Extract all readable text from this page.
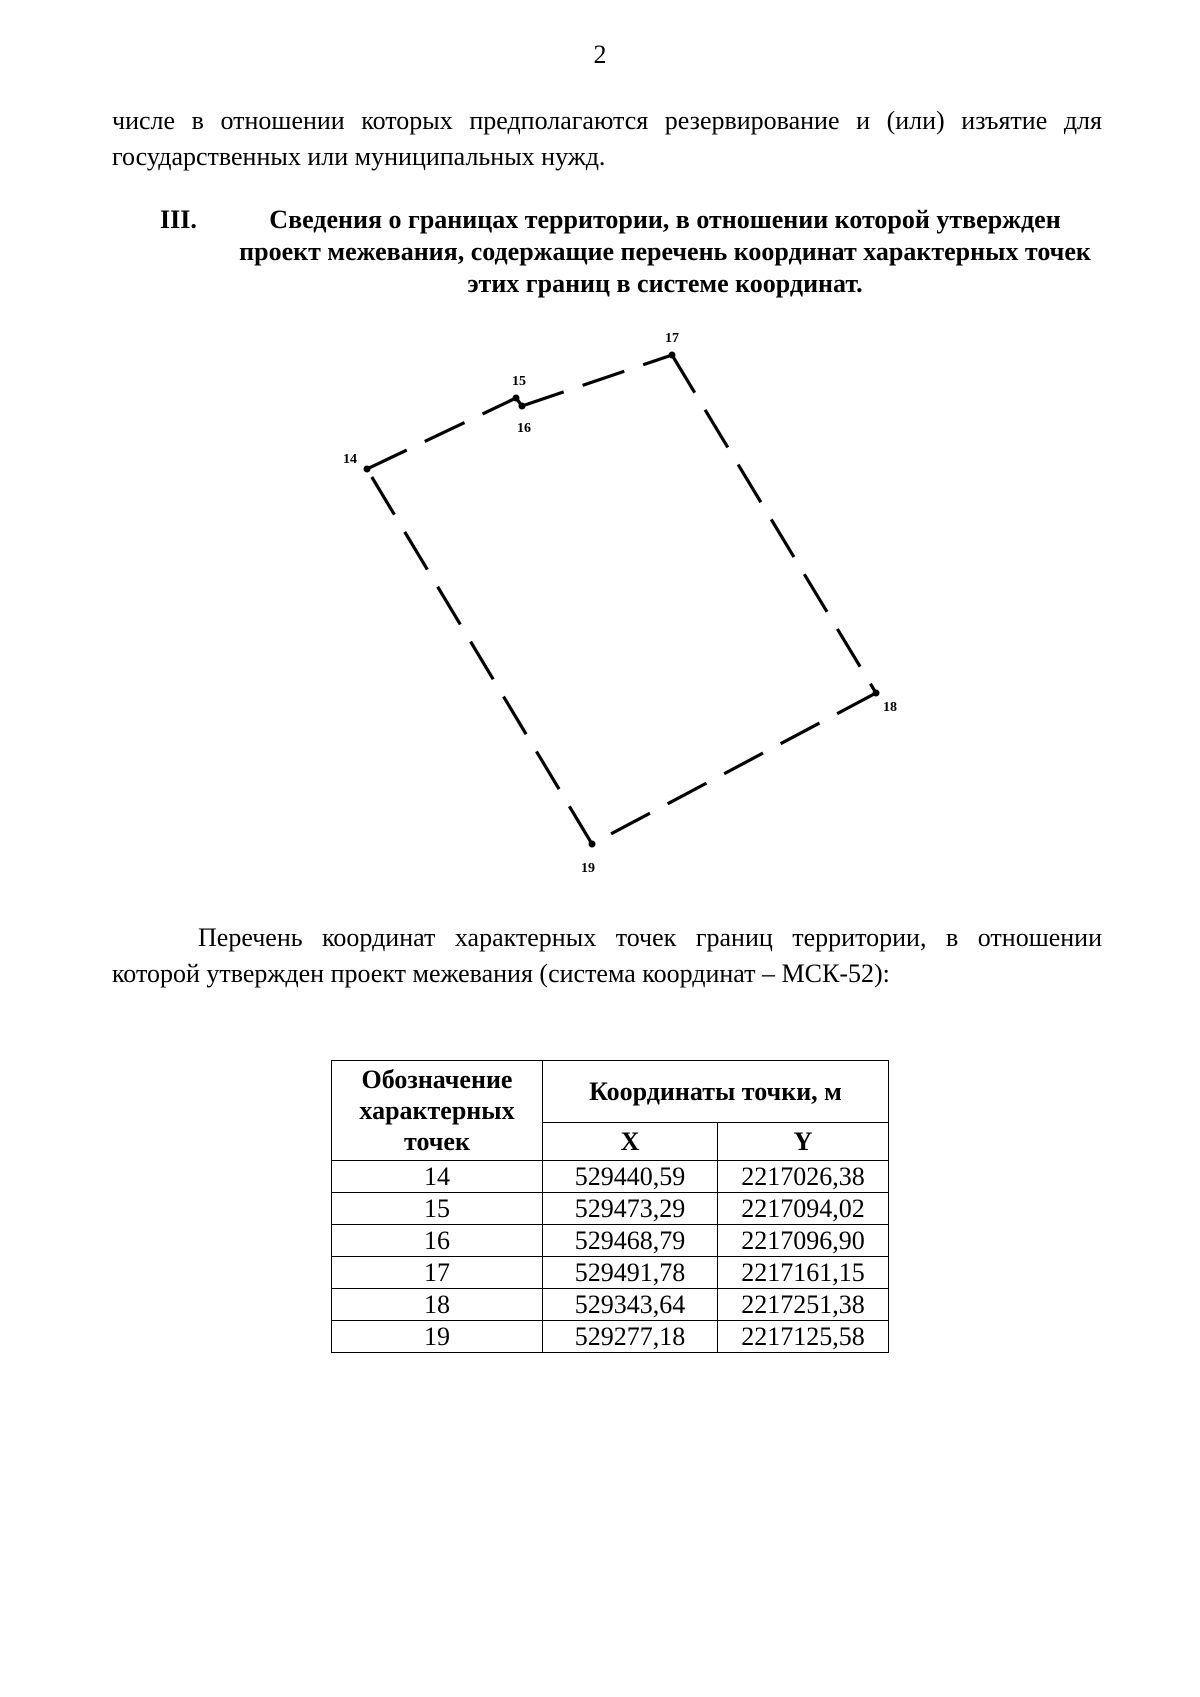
2
числе в отношении которых предполагаются резервирование и (или) изъятие для государственных или муниципальных нужд.
III.	Сведения о границах территории, в отношении которой утвержден проект межевания, содержащие перечень координат характерных точек этих границ в системе координат.
14
15
16
17
18
19
Перечень координат характерных точек границ территории, в отношении которой утвержден проект межевания (система координат – МСК-52):
Обозначение характерных точек	Координаты точки, м	
	X	Y
14	529440,59	2217026,38
15	529473,29	2217094,02
16	529468,79	2217096,90
17	529491,78	2217161,15
18	529343,64	2217251,38
19	529277,18	2217125,58
